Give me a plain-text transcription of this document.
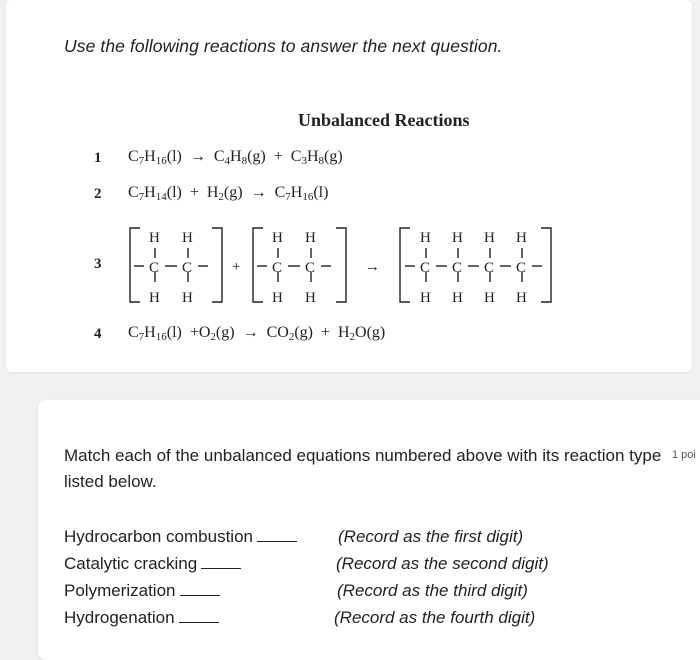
Use the following reactions to answer the next question.
Unbalanced Reactions
1 $C_7H_{16}(l) \to C_4H_8(g) + C_3H_8(g)$
2 $C_7H_{14}(l) + H_2(g) \to C_7H_{16}(l)$
3
H H
C C
H H
+
H H
C C
H H
→
H H H H
C C C C
H H H H
4 $C_7H_{16}(l) +O_2(g) \to CO_2(g) + H_2O(g)$
Match each of the unbalanced equations numbered above with its reaction type listed below.
1 poi
Hydrocarbon combustion
Catalytic cracking
Polymerization
Hydrogenation
(Record as the first digit)
(Record as the second digit)
(Record as the third digit)
(Record as the fourth digit)
